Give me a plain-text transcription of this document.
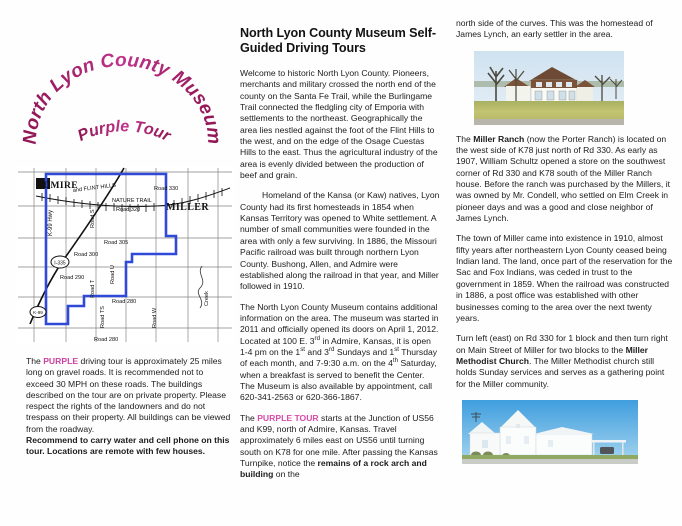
North Lyon County Museum
Purple Tour
I-335
K-99
ADMIRE
MILLER
and FLINT HILLS
NATURE TRAIL
Road 330
Road 320
Road 305
Road 300
Road 290
Road 280
Road 280
Road U
Road T
Road TS	Road W
Road S
Creek
K-99 Hwy

The PURPLE driving tour is approximately 25 miles long on gravel roads. It is recommended not to exceed 30 MPH on these roads. The buildings described on the tour are on private property. Please respect the rights of the landowners and do not trespass on their property. All buildings can be viewed from the roadway.

Recommend to carry water and cell phone on this tour. Locations are remote with few houses.

North Lyon County Museum Self-Guided Driving Tours

Welcome to historic North Lyon County. Pioneers, merchants and military crossed the north end of the county on the Santa Fe Trail, while the Burlingame Trail connected the fledgling city of Emporia with settlements to the northeast. Geographically the area lies nestled against the foot of the Flint Hills to the west, and on the edge of the Osage Cuestas Hills to the east. Thus the agricultural industry of the area is evenly divided between the production of beef and grain.

Homeland of the Kansa (or Kaw) natives, Lyon County had its first homesteads in 1854 when Kansas Territory was opened to White settlement. A number of small communities were founded in the area with only a few surviving. In 1886, the Missouri Pacific railroad was built through northern Lyon County. Bushong, Allen, and Admire were established along the railroad in that year, and Miller followed in 1910.

The North Lyon County Museum contains additional information on the area. The museum was started in 2011 and officially opened its doors on April 1, 2012. Located at 100 E. 3rd in Admire, Kansas, it is open 1-4 pm on the 1st and 3rd Sundays and 1st Thursday of each month, and 7-9:30 a.m. on the 4th Saturday, when a breakfast is served to benefit the Center. The Museum is also available by appointment, call 620-341-2563 or 620-366-1867.

The PURPLE TOUR starts at the Junction of US56 and K99, north of Admire, Kansas. Travel approximately 6 miles east on US56 until turning south on K78 for one mile. After passing the Kansas Turnpike, notice the remains of a rock arch and building on the

north side of the curves. This was the homestead of James Lynch, an early settler in the area.

The Miller Ranch (now the Porter Ranch) is located on the west side of K78 just north of Rd 330. As early as 1907, William Schultz opened a store on the southwest corner of Rd 330 and K78 south of the Miller Ranch house. Before the ranch was purchased by the Millers, it was owned by Mr. Condell, who settled on Elm Creek in pioneer days and was a good and close neighbor of James Lynch.

The town of Miller came into existence in 1910, almost fifty years after northeastern Lyon County ceased being Indian land. The land, once part of the reservation for the Sac and Fox Indians, was ceded in trust to the government in 1859. When the railroad was constructed in 1886, a post office was established with other businesses coming to the area over the next twenty years.

Turn left (east) on Rd 330 for 1 block and then turn right on Main Street of Miller for two blocks to the Miller Methodist Church. The Miller Methodist church still holds Sunday services and serves as a gathering point for the Miller community.
